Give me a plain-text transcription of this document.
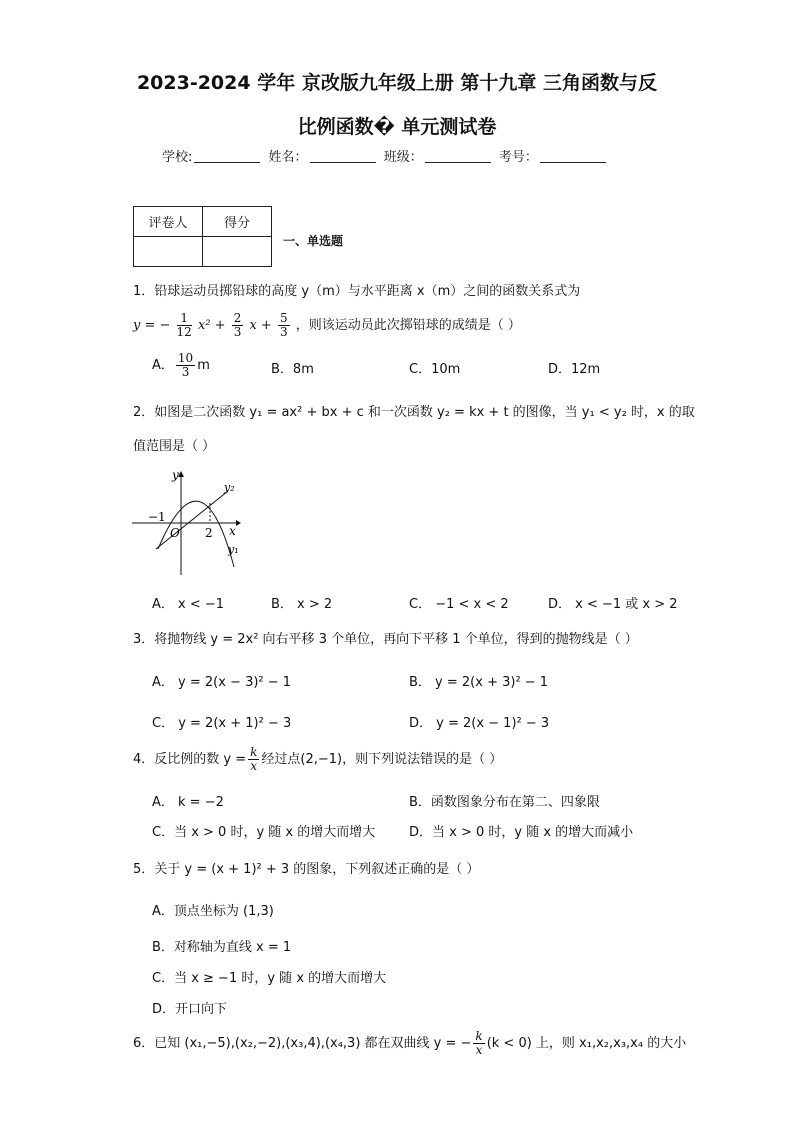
2023-2024 学年 京改版九年级上册 第十九章 三角函数与反
比例函数� 单元测试卷
学校:	姓名：	班级：	考号：
评卷人	得分

一、单选题
1．铅球运动员掷铅球的高度 y（m）与水平距离 x（m）之间的函数关系式为
y = − $\frac{1}{12} x^2 + \frac{2}{3}$ $x + \frac{5}{3}$ ，则该运动员此次掷铅球的成绩是（ ）
A． $\frac{10}{3}$ m	B．8m	C．10m	D．12m
2．如图是二次函数 y₁ = ax² + bx + c 和一次函数 y₂ = kx + t 的图像，当 y₁ < y₂ 时，x 的取
值范围是（ ）
y
y₂
−1
O 2 x
y₁
A． x < −1	B． x > 2	C． −1 < x < 2	D． x < −1 或 x > 2
3．将抛物线 y = 2x² 向右平移 3 个单位，再向下平移 1 个单位，得到的抛物线是（ ）
A． y = 2(x − 3)² − 1	B． y = 2(x + 3)² − 1
C． y = 2(x + 1)² − 3	D． y = 2(x − 1)² − 3
4．反比例的数 $y = \frac{k}{x}$ 经过点(2,−1)，则下列说法错误的是（ ）
A． k = −2	B．函数图象分布在第二、四象限
C．当 x > 0 时，y 随 x 的增大而增大	D．当 x > 0 时，y 随 x 的增大而减小
5．关于 y = (x + 1)² + 3 的图象，下列叙述正确的是（ ）
A．顶点坐标为 (1,3)
B．对称轴为直线 x = 1
C．当 x ≥ −1 时，y 随 x 的增大而增大
D．开口向下
6．已知 (x₁,−5),(x₂,−2),(x₃,4),(x₄,3) 都在双曲线 y = − $\frac{k}{x} (k < 0)$ 上，则 x₁,x₂,x₃,x₄ 的大小
